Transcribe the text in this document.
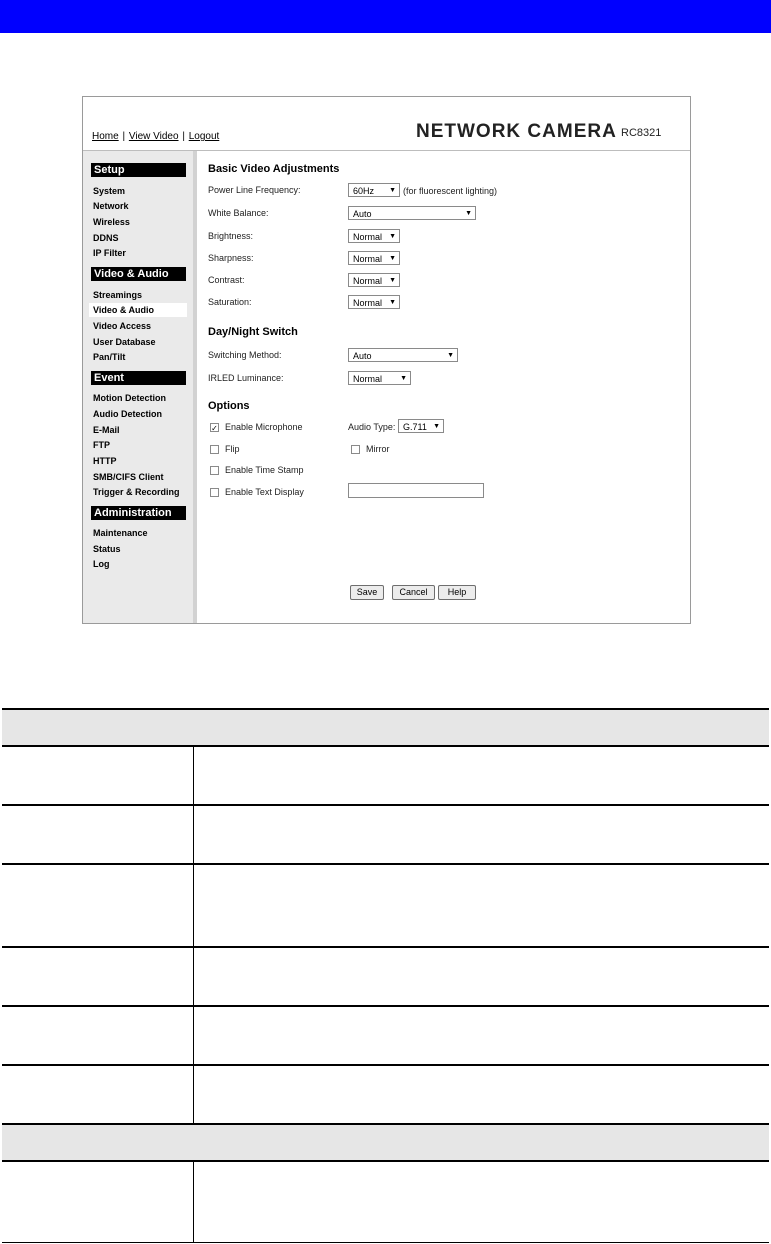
Home | View Video | Logout	NETWORK CAMERA RC8321
Setup
System
Network
Wireless
DDNS
IP Filter
Video & Audio
Streamings
Video & Audio
Video Access
User Database
Pan/Tilt
Event
Motion Detection
Audio Detection
E-Mail
FTP
HTTP
SMB/CIFS Client
Trigger & Recording
Administration
Maintenance
Status
Log
Basic Video Adjustments
Power Line Frequency:	60Hz ▼ (for fluorescent lighting)
White Balance:	Auto	▼
Brightness:	Normal ▼
Sharpness:	Normal ▼
Contrast:	Normal ▼
Saturation:	Normal ▼
Day/Night Switch
Switching Method:	Auto	▼
IRLED Luminance:	Normal	▼
Options
✓ Enable Microphone	Audio Type: G.711 ▼
Flip	Mirror
Enable Time Stamp
Enable Text Display
Save	Cancel	Help
